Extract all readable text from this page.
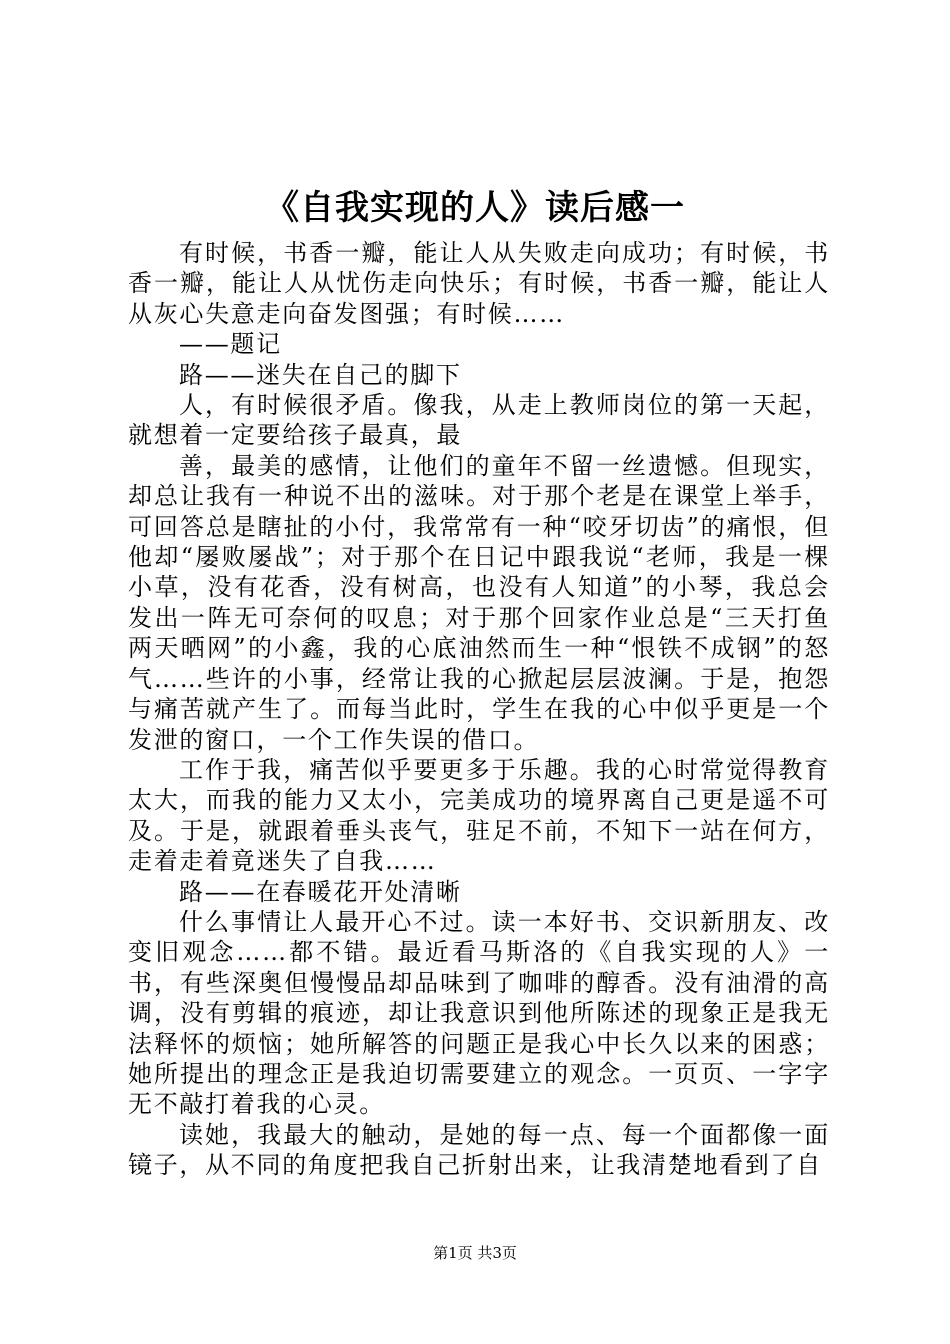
《自我实现的人》读后感一

有时候，书香一瓣，能让人从失败走向成功；有时候，书香一瓣，能让人从忧伤走向快乐；有时候，书香一瓣，能让人从灰心失意走向奋发图强；有时候……

——题记

路——迷失在自己的脚下

人，有时候很矛盾。像我，从走上教师岗位的第一天起，就想着一定要给孩子最真，最

善，最美的感情，让他们的童年不留一丝遗憾。但现实，却总让我有一种说不出的滋味。对于那个老是在课堂上举手，可回答总是瞎扯的小付，我常常有一种“咬牙切齿”的痛恨，但他却“屡败屡战”；对于那个在日记中跟我说“老师，我是一棵小草，没有花香，没有树高，也没有人知道”的小琴，我总会发出一阵无可奈何的叹息；对于那个回家作业总是“三天打鱼两天晒网”的小鑫，我的心底油然而生一种“恨铁不成钢”的怒气……些许的小事，经常让我的心掀起层层波澜。于是，抱怨与痛苦就产生了。而每当此时，学生在我的心中似乎更是一个发泄的窗口，一个工作失误的借口。

工作于我，痛苦似乎要更多于乐趣。我的心时常觉得教育太大，而我的能力又太小，完美成功的境界离自己更是遥不可及。于是，就跟着垂头丧气，驻足不前，不知下一站在何方，走着走着竟迷失了自我……

路——在春暖花开处清晰

什么事情让人最开心不过。读一本好书、交识新朋友、改变旧观念……都不错。最近看马斯洛的《自我实现的人》一书，有些深奥但慢慢品却品味到了咖啡的醇香。没有油滑的高调，没有剪辑的痕迹，却让我意识到他所陈述的现象正是我无法释怀的烦恼；她所解答的问题正是我心中长久以来的困惑；她所提出的理念正是我迫切需要建立的观念。一页页、一字字无不敲打着我的心灵。

读她，我最大的触动，是她的每一点、每一个面都像一面镜子，从不同的角度把我自己折射出来，让我清楚地看到了自

第1页 共3页
